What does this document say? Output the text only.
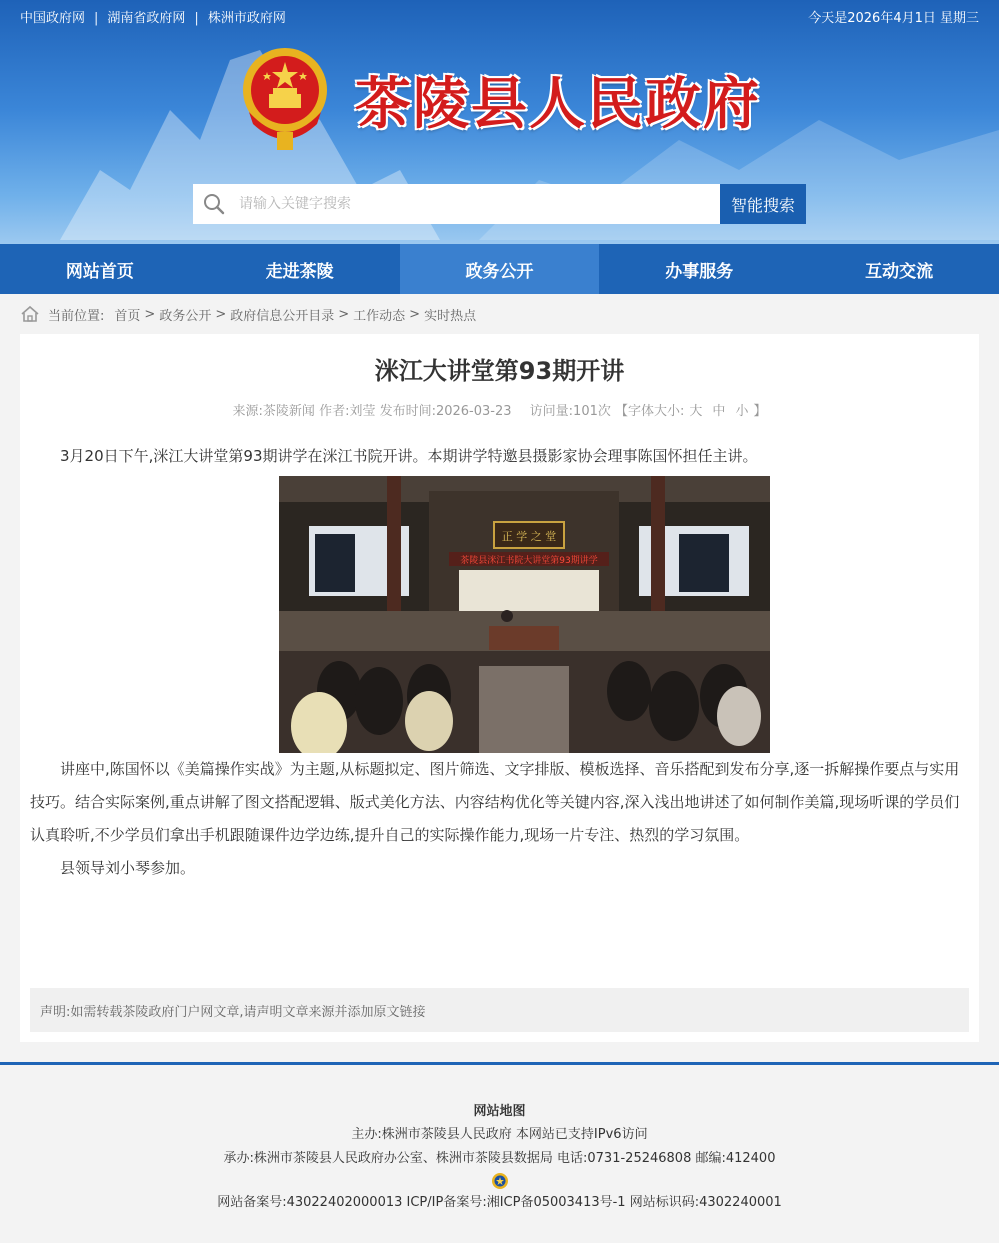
中国政府网 | 湖南省政府网 | 株洲市政府网	今天是2026年4月1日 星期三
茶陵县人民政府
请输入关键字搜索
智能搜索
网站首页	走进茶陵	政务公开	办事服务	互动交流
当前位置: 首页 > 政务公开 > 政府信息公开目录 > 工作动态 > 实时热点
洣江大讲堂第93期开讲
来源:茶陵新闻 作者:刘莹 发布时间:2026-03-23 访问量:101次 【字体大小: 大 中 小 】

3月20日下午,洣江大讲堂第93期讲学在洣江书院开讲。本期讲学特邀县摄影家协会理事陈国怀担任主讲。

正 学 之 堂
茶陵县洣江书院大讲堂第93期讲学

讲座中,陈国怀以《美篇操作实战》为主题,从标题拟定、图片筛选、文字排版、模板选择、音乐搭配到发布分享,逐一拆解操作要点与实用技巧。结合实际案例,重点讲解了图文搭配逻辑、版式美化方法、内容结构优化等关键内容,深入浅出地讲述了如何制作美篇,现场听课的学员们认真聆听,不少学员们拿出手机跟随课件边学边练,提升自己的实际操作能力,现场一片专注、热烈的学习氛围。

县领导刘小琴参加。

声明:如需转载茶陵政府门户网文章,请声明文章来源并添加原文链接
网站地图
主办:株洲市茶陵县人民政府 本网站已支持IPv6访问
承办:株洲市茶陵县人民政府办公室、株洲市茶陵县数据局 电话:0731-25246808 邮编:412400
网站备案号:43022402000013 ICP/IP备案号:湘ICP备05003413号-1 网站标识码:4302240001
